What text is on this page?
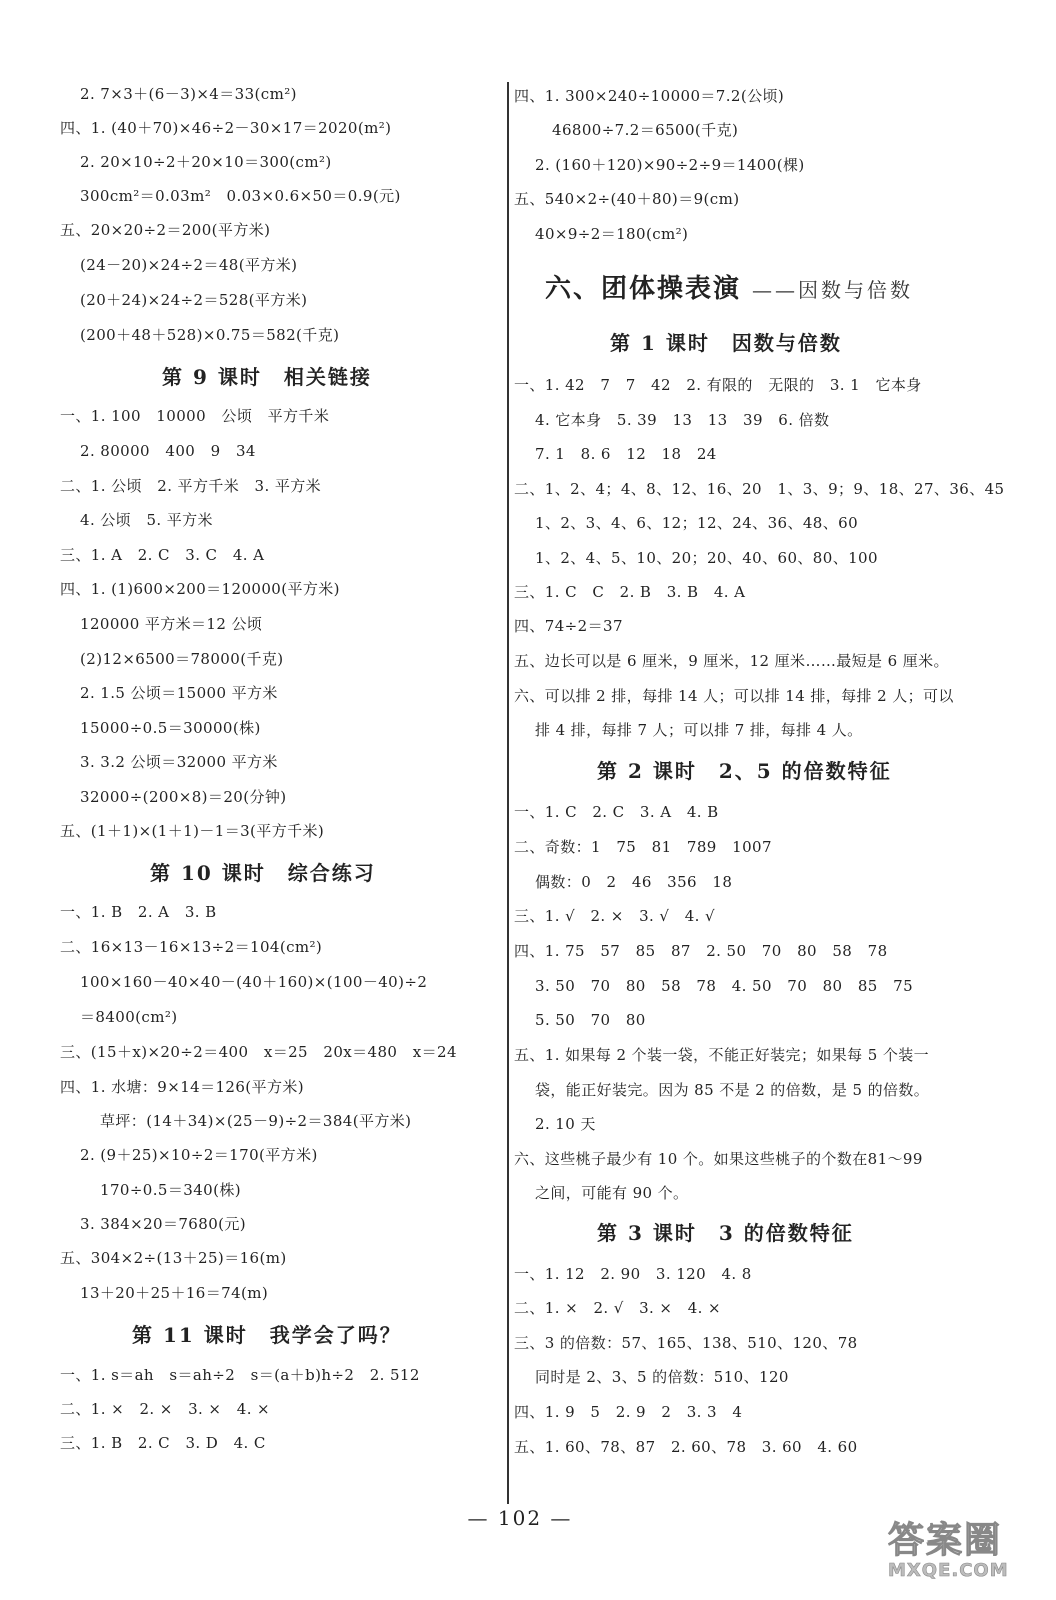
2. 7×3＋(6－3)×4＝33(cm²)
四、1. (40＋70)×46÷2－30×17＝2020(m²)
2. 20×10÷2＋20×10＝300(cm²)
300cm²＝0.03m²　0.03×0.6×50＝0.9(元)
五、20×20÷2＝200(平方米)
(24－20)×24÷2＝48(平方米)
(20＋24)×24÷2＝528(平方米)
(200＋48＋528)×0.75＝582(千克)
第 9 课时　相关链接
一、1. 100　10000　公顷　平方千米
2. 80000　400　9　34
二、1. 公顷　2. 平方千米　3. 平方米
4. 公顷　5. 平方米
三、1. A　2. C　3. C　4. A
四、1. (1)600×200＝120000(平方米)
120000 平方米＝12 公顷
(2)12×6500＝78000(千克)
2. 1.5 公顷＝15000 平方米
15000÷0.5＝30000(株)
3. 3.2 公顷＝32000 平方米
32000÷(200×8)＝20(分钟)
五、(1＋1)×(1＋1)－1＝3(平方千米)
第 10 课时　综合练习
一、1. B　2. A　3. B
二、16×13－16×13÷2＝104(cm²)
100×160－40×40－(40＋160)×(100－40)÷2
＝8400(cm²)
三、(15＋x)×20÷2＝400　x＝25　20x＝480　x＝24
四、1. 水塘：9×14＝126(平方米)
草坪：(14＋34)×(25－9)÷2＝384(平方米)
2. (9＋25)×10÷2＝170(平方米)
170÷0.5＝340(株)
3. 384×20＝7680(元)
五、304×2÷(13＋25)＝16(m)
13＋20＋25＋16＝74(m)
第 11 课时　我学会了吗？
一、1. s＝ah　s＝ah÷2　s＝(a＋b)h÷2　2. 512
二、1. ×　2. ×　3. ×　4. ×
三、1. B　2. C　3. D　4. C
四、1. 300×240÷10000＝7.2(公顷)
46800÷7.2＝6500(千克)
2. (160＋120)×90÷2÷9＝1400(棵)
五、540×2÷(40＋80)＝9(cm)
40×9÷2＝180(cm²)
六、团体操表演 ——因数与倍数
第 1 课时　因数与倍数
一、1. 42　7　7　42　2. 有限的　无限的　3. 1　它本身
4. 它本身　5. 39　13　13　39　6. 倍数
7. 1　8. 6　12　18　24
二、1、2、4；4、8、12、16、20　1、3、9；9、18、27、36、45
1、2、3、4、6、12；12、24、36、48、60
1、2、4、5、10、20；20、40、60、80、100
三、1. C　C　2. B　3. B　4. A
四、74÷2＝37
五、边长可以是 6 厘米，9 厘米，12 厘米……最短是 6 厘米。
六、可以排 2 排，每排 14 人；可以排 14 排，每排 2 人；可以
排 4 排，每排 7 人；可以排 7 排，每排 4 人。
第 2 课时　2、5 的倍数特征
一、1. C　2. C　3. A　4. B
二、奇数：1　75　81　789　1007
偶数：0　2　46　356　18
三、1. √　2. ×　3. √　4. √
四、1. 75　57　85　87　2. 50　70　80　58　78
3. 50　70　80　58　78　4. 50　70　80　85　75
5. 50　70　80
五、1. 如果每 2 个装一袋，不能正好装完；如果每 5 个装一
袋，能正好装完。因为 85 不是 2 的倍数，是 5 的倍数。
2. 10 天
六、这些桃子最少有 10 个。如果这些桃子的个数在81～99
之间，可能有 90 个。
第 3 课时　3 的倍数特征
一、1. 12　2. 90　3. 120　4. 8
二、1. ×　2. √　3. ×　4. ×
三、3 的倍数：57、165、138、510、120、78
同时是 2、3、5 的倍数：510、120
四、1. 9　5　2. 9　2　3. 3　4
五、1. 60、78、87　2. 60、78　3. 60　4. 60
— 102 —
答案圈
MXQE.COM
